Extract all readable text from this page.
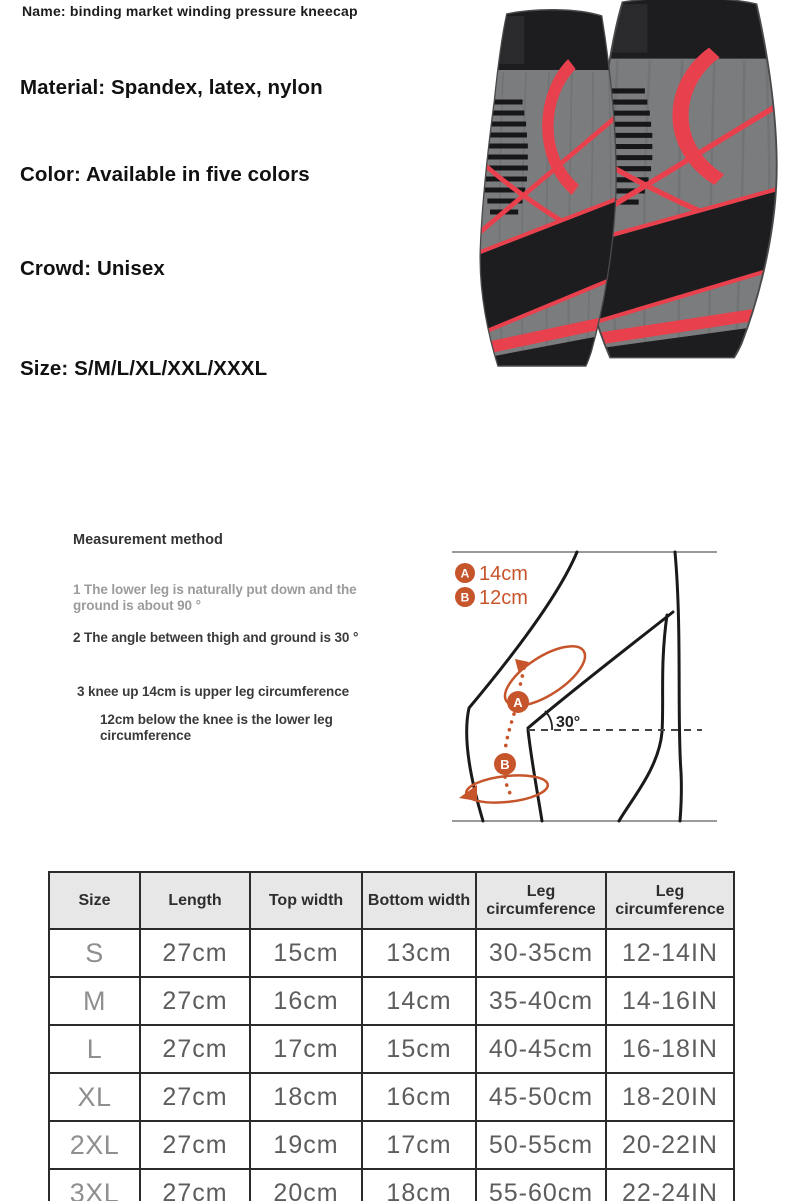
Name: binding market winding pressure kneecap
Material: Spandex, latex, nylon
Color: Available in five colors
Crowd: Unisex
Size: S/M/L/XL/XXL/XXXL
Measurement method

1 The lower leg is naturally put down and the ground is about 90 °

2 The angle between thigh and ground is 30 °

3 knee up 14cm is upper leg circumference

12cm below the knee is the lower leg circumference

30°
A 14cm
B 12cm
A
B
Size	Length	Top width	Bottom width	Leg circumference	Leg circumference
S	27cm	15cm	13cm	30-35cm	12-14IN
M	27cm	16cm	14cm	35-40cm	14-16IN
L	27cm	17cm	15cm	40-45cm	16-18IN
XL	27cm	18cm	16cm	45-50cm	18-20IN
2XL	27cm	19cm	17cm	50-55cm	20-22IN
3XL	27cm	20cm	18cm	55-60cm	22-24IN
